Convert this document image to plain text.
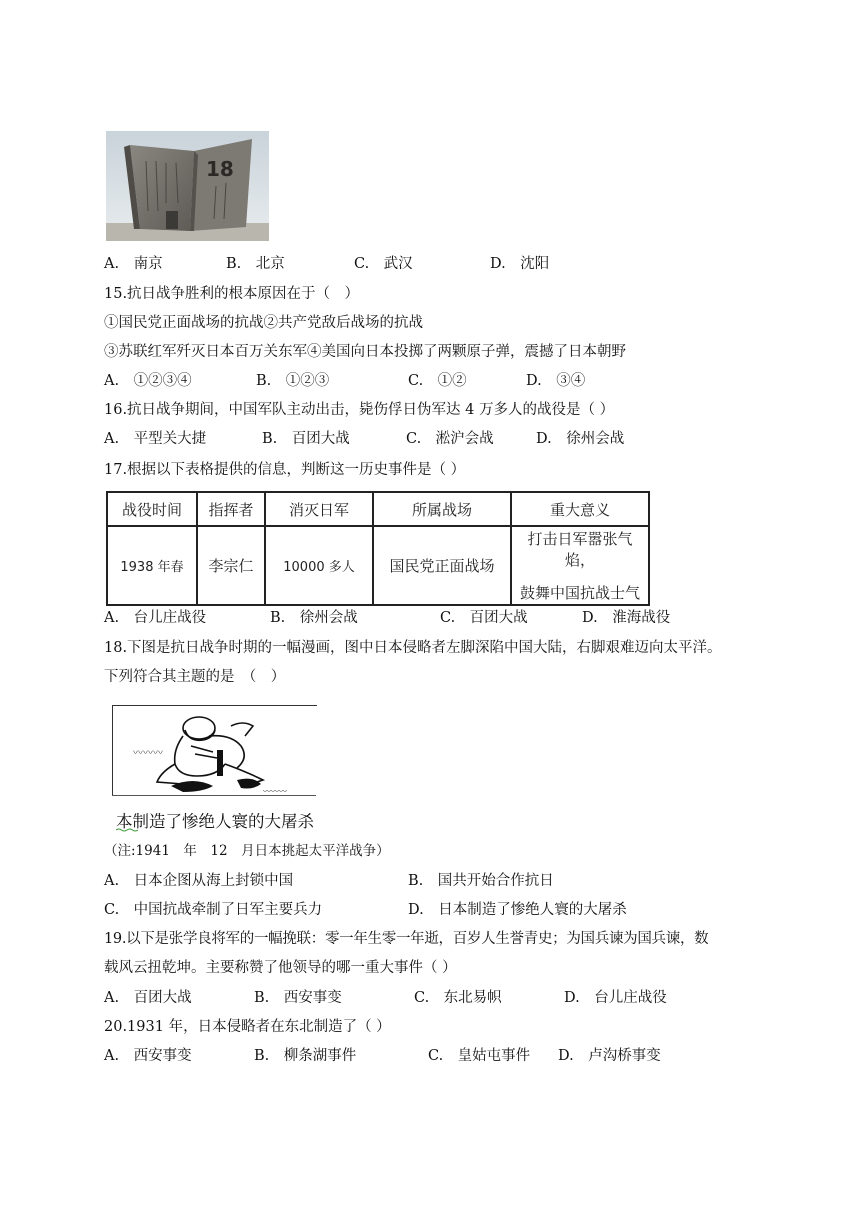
18
A.　南京	B.　北京	C.　武汉	D.　沈阳
15.抗日战争胜利的根本原因在于（　）
①国民党正面战场的抗战②共产党敌后战场的抗战
③苏联红军歼灭日本百万关东军④美国向日本投掷了两颗原子弹，震撼了日本朝野
A.　①②③④	B.　①②③	C.　①②	D.　③④
16.抗日战争期间，中国军队主动出击，毙伤俘日伪军达 4 万多人的战役是（ ）
A.　平型关大捷	B.　百团大战	C.　淞沪会战	D.　徐州会战
17.根据以下表格提供的信息，判断这一历史事件是（ ）
战役时间	指挥者	消灭日军	所属战场	重大意义
1938 年春	李宗仁	10000 多人	国民党正面战场	打击日军嚣张气焰，
鼓舞中国抗战士气
A.　台儿庄战役	B.　徐州会战	C.　百团大战	D.　淮海战役
18.下图是抗日战争时期的一幅漫画，图中日本侵略者左脚深陷中国大陆，右脚艰难迈向太平洋。
下列符合其主题的是　（　）
〰〰〰
〰〰〰
本制造了惨绝人寰的大屠杀
（注:1941　年　12　月日本挑起太平洋战争）
A.　日本企图从海上封锁中国	B.　国共开始合作抗日
C.　中国抗战牵制了日军主要兵力	D.　日本制造了惨绝人寰的大屠杀
19.以下是张学良将军的一幅挽联：零一年生零一年逝，百岁人生誉青史；为国兵谏为国兵谏，数
载风云扭乾坤。主要称赞了他领导的哪一重大事件（ ）
A.　百团大战	B.　西安事变	C.　东北易帜	D.　台儿庄战役
20.1931 年，日本侵略者在东北制造了（ ）
A.　西安事变	B.　柳条湖事件	C.　皇姑屯事件 D.　卢沟桥事变
